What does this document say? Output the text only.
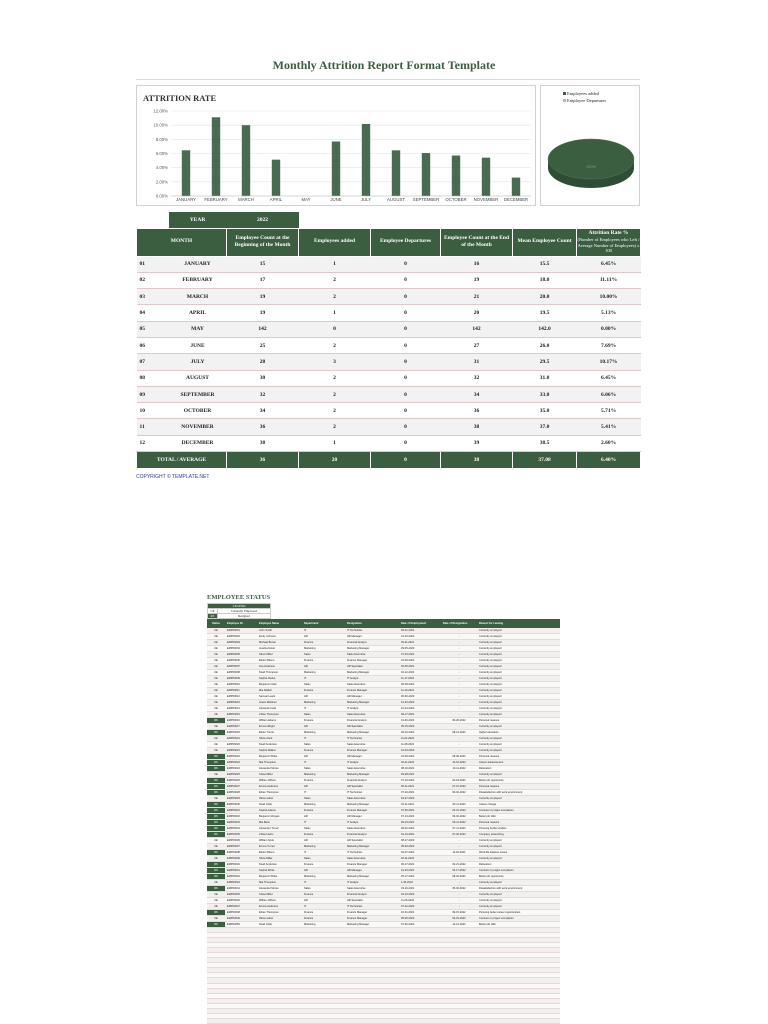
Monthly Attrition Report Format Template
0.00%
2.00%
4.00%
6.00%
8.00%
10.00%
12.00%
JANUARY FEBRUARY MARCH	APRIL	MAY	JUNE	JULY	AUGUST SEPTEMBER OCTOBER NOVEMBER DECEMBER
ATTRITION RATE
100%
Employees added
Employee Departures
	YEAR	2022					
MONTH		Employee Count at the Beginning of the Month	Employees added	Employee Departures	Employee Count at the End of the Month	Mean Employee Count	Attrition Rate %
(Number of Employees who Left / Average Number of Employees) x 100

01	JANUARY	15	1	0	16	15.5	6.45%
02	FEBRUARY	17	2	0	19	18.0	11.11%
03	MARCH	19	2	0	21	20.0	10.00%
04	APRIL	19	1	0	20	19.5	5.13%
05	MAY	142	0	0	142	142.0	0.00%
06	JUNE	25	2	0	27	26.0	7.69%
07	JULY	28	3	0	31	29.5	10.17%
08	AUGUST	30	2	0	32	31.0	6.45%
09	SEPTEMBER	32	2	0	34	33.0	6.06%
10	OCTOBER	34	2	0	36	35.0	5.71%
11	NOVEMBER	36	2	0	38	37.0	5.41%
12	DECEMBER	38	1	0	39	38.5	2.60%
TOTAL / AVERAGE		36	20	0	38	37.08	6.40%
COPYRIGHT © TEMPLATE.NET
EMPLOYEE STATUS
LEGEND	
CE	Currently Employed
RS	Resigned
Status	Employee ID	Employee Name	Department	Designation	Date of Employment	Date of Resignation	Reason for Leaving
CE	EMP00001	John Smith	IT	IT Technician	09-01-2021	-	Currently employed
CE	EMP00002	Emily Johnson	HR	HR Manager	01-10-2022	-	Currently employed
CE	EMP00003	Michael Brown	Finance	Financial Analyst	03-11-2021	-	Currently employed
CE	EMP00004	Jessica Davis	Marketing	Marketing Manager	09-05-2022	-	Currently employed
CE	EMP00005	Oliver Miller	Sales	Sales Executive	07-23-2021	-	Currently employed
CE	EMP00006	Ethan Wilson	Finance	Finance Manager	10-09-2021	-	Currently employed
CE	EMP00007	Ava Anderson	HR	HR Specialist	02-05-2021	-	Currently employed
CE	EMP00008	Noah Thompson	Marketing	Marketing Manager	04-12-2021	-	Currently employed
CE	EMP00009	Sophia Clarke	IT	IT Analyst	11-17-2022	-	Currently employed
CE	EMP00010	Benjamin Clark	Sales	Sales Executive	06-18-2021	-	Currently employed
CE	EMP00011	Mia Walker	Finance	Finance Manager	11-10-2021	-	Currently employed
CE	EMP00012	Samuel Lewis	HR	HR Manager	06-30-2022	-	Currently employed
CE	EMP00013	Grace Martinez	Marketing	Marketing Manager	12-20-2022	-	Currently employed
CE	EMP00014	Alexander Hall	IT	IT Analyst	10-24-2022	-	Currently employed
CE	EMP00015	Chloe Thompson	Sales	Sales Executive	09-17-2021	-	Currently employed
RS	EMP00016	William Adams	Finance	Financial Analyst	01-26-2021	09-26-2022	Personal reasons
CE	EMP00017	Emma Wright	HR	HR Specialist	05-15-2022	-	Currently employed
RS	EMP00018	Ethan Turner	Marketing	Marketing Manager	06-20-2021	09-21-2022	Higher education
CE	EMP00019	Olivia Clark	IT	IT Technician	11-01-2022	-	Currently employed
CE	EMP00020	Noah Anderson	Sales	Sales Executive	11-28-2022	-	Currently employed
CE	EMP00021	Sophia Walker	Finance	Finance Manager	01-03-2022	-	Currently employed
RS	EMP00022	Benjamin White	HR	HR Manager	10-09-2021	05-09-2022	Personal reasons
RS	EMP00023	Mia Thompson	IT	IT Analyst	04-11-2022	10-16-2022	Career advancement
RS	EMP00024	Alexander Moore	Sales	Sales Executive	08-16-2021	10-11-2022	Relocation
CE	EMP00025	Chloe Miller	Marketing	Marketing Manager	03-28-2021	-	Currently employed
RS	EMP00026	William Wilson	Finance	Financial Analyst	07-19-2021	02-18-2022	Better job opportunity
RS	EMP00027	Emma Anderson	HR	HR Specialist	05-11-2021	07-16-2022	Personal reasons
RS	EMP00028	Ethan Thompson	IT	IT Technician	07-20-2021	09-02-2022	Dissatisfaction with work environment
CE	EMP00029	Olivia Carter	Sales	Sales Executive	04-27-2022	-	Currently employed
RS	EMP00030	Noah Clark	Marketing	Marketing Manager	03-11-2021	03-11-2022	Career change
RS	EMP00031	Sophia Adams	Finance	Finance Manager	07-30-2021	04-01-2022	Contract or project completion
RS	EMP00032	Benjamin Morgan	HR	HR Manager	07-13-2021	06-02-2022	Better job offer
RS	EMP00033	Mia Beck	IT	IT Analyst	09-13-2021	09-11-2022	Personal reasons
RS	EMP00034	Alexander Turner	Sales	Sales Executive	09-02-2021	07-11-2022	Pursuing further studies
RS	EMP00035	Chloe Harris	Finance	Financial Analyst	10-13-2021	07-20-2022	Company downsizing
CE	EMP00036	William Scott	HR	HR Specialist	08-27-2022	-	Currently employed
CE	EMP00037	Emma Turner	Marketing	Marketing Manager	05-30-2022	-	Currently employed
RS	EMP00038	Ethan Wilson	IT	IT Technician	02-07-2021	11-30-2021	Work-life balance issues
CE	EMP00039	Olivia Miller	Sales	Sales Executive	02-11-2022	-	Currently employed
RS	EMP00040	Noah Anderson	Finance	Finance Manager	06-17-2021	03-21-2022	Relocation
RS	EMP00041	Sophia White	HR	HR Manager	01-23-2021	03-17-2022	Contract or project completion
RS	EMP00042	Benjamin White	Marketing	Marketing Manager	05-17-2021	09-02-2022	Better job opportunity
CE	EMP00043	Mia Thompson	IT	IT Analyst	1-30-2022	-	Currently employed
RS	EMP00044	Alexander Moore	Sales	Sales Executive	03-16-2021	05-02-2022	Dissatisfaction with work environment
CE	EMP00045	Chloe Miller	Finance	Financial Analyst	04-13-2022	-	Currently employed
CE	EMP00046	William Wilson	HR	HR Specialist	11-25-2022	-	Currently employed
CE	EMP00047	Emma Anderson	IT	IT Technician	07-12-2022	-	Currently employed
RS	EMP00048	Ethan Thompson	Finance	Finance Manager	10-01-2021	09-15-2022	Pursuing better career opportunities
CE	EMP00049	Olivia Carter	Finance	Finance Manager	05-06-2022	02-01-2023	Contract or project completion
RS	EMP00050	Noah Clark	Marketing	Marketing Manager	07-26-2022	12-14-2022	Better job offer
